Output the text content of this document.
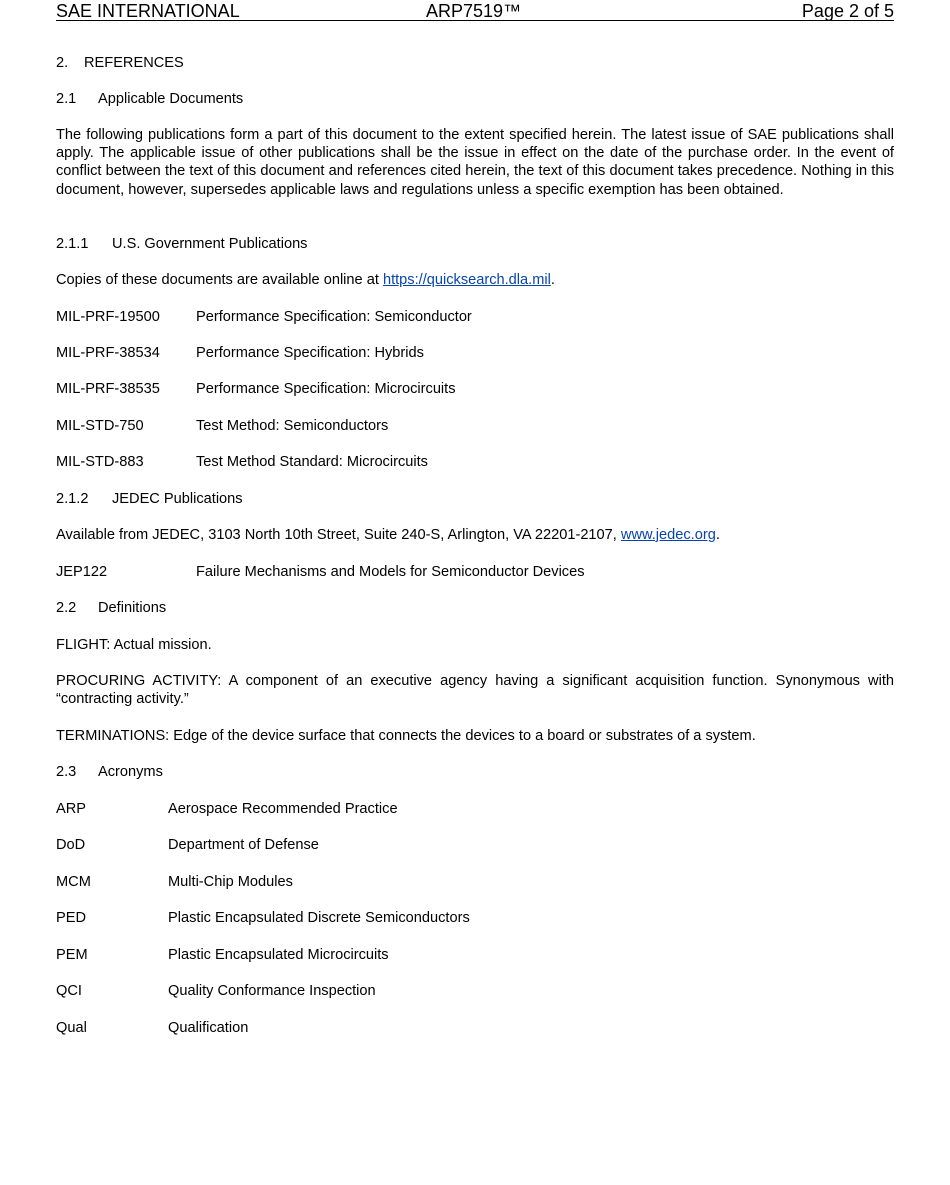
SAE INTERNATIONAL	ARP7519™	Page 2 of 5
2. REFERENCES
2.1 Applicable Documents

The following publications form a part of this document to the extent specified herein. The latest issue of SAE publications shall apply. The applicable issue of other publications shall be the issue in effect on the date of the purchase order. In the event of conflict between the text of this document and references cited herein, the text of this document takes precedence. Nothing in this document, however, supersedes applicable laws and regulations unless a specific exemption has been obtained.

2.1.1 U.S. Government Publications
Copies of these documents are available online at https://quicksearch.dla.mil.
MIL-PRF-19500 Performance Specification: Semiconductor
MIL-PRF-38534 Performance Specification: Hybrids
MIL-PRF-38535 Performance Specification: Microcircuits
MIL-STD-750	Test Method: Semiconductors
MIL-STD-883	Test Method Standard: Microcircuits
2.1.2 JEDEC Publications
Available from JEDEC, 3103 North 10th Street, Suite 240-S, Arlington, VA 22201-2107, www.jedec.org.
JEP122	Failure Mechanisms and Models for Semiconductor Devices
2.2 Definitions

FLIGHT: Actual mission.

PROCURING ACTIVITY: A component of an executive agency having a significant acquisition function. Synonymous with “contracting activity.”

TERMINATIONS: Edge of the device surface that connects the devices to a board or substrates of a system.

2.3 Acronyms
ARP	Aerospace Recommended Practice
DoD	Department of Defense
MCM	Multi-Chip Modules
PED	Plastic Encapsulated Discrete Semiconductors
PEM	Plastic Encapsulated Microcircuits
QCI	Quality Conformance Inspection
Qual	Qualification
